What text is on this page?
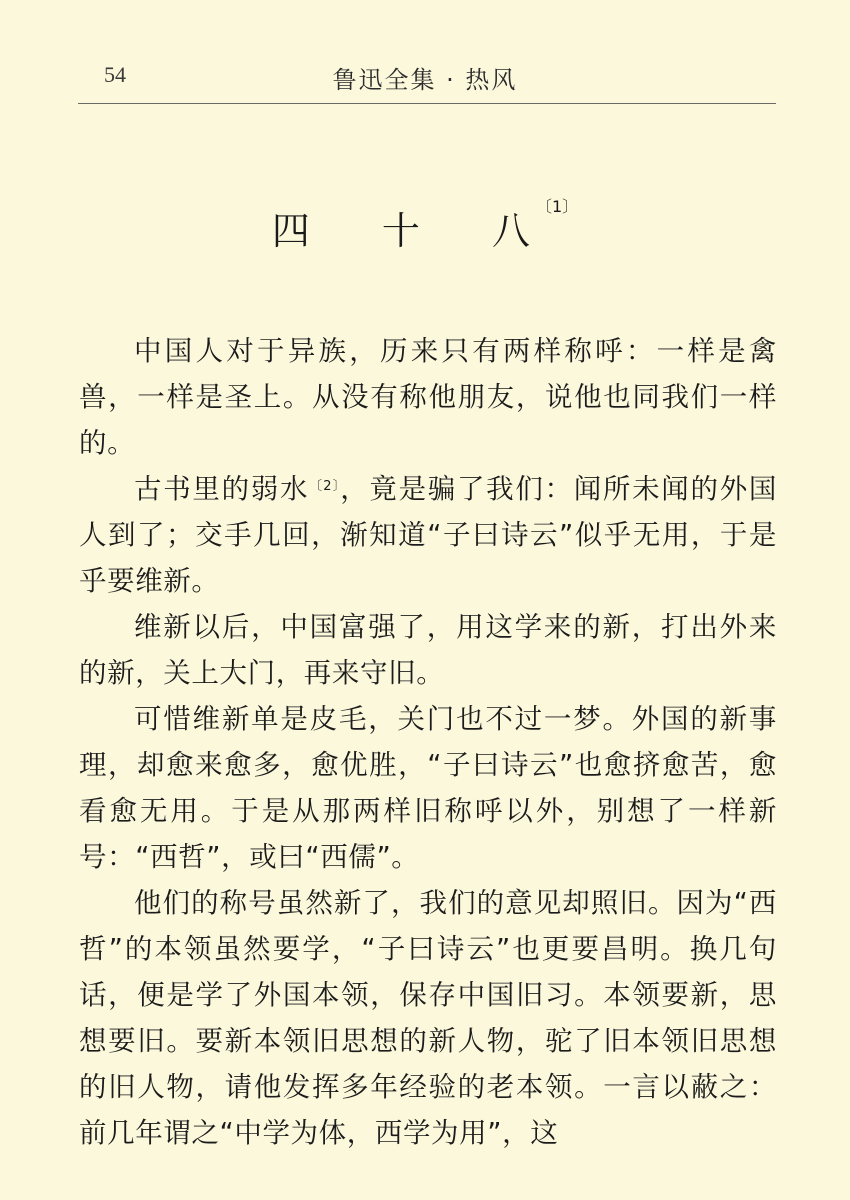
54	鲁迅全集 · 热风
四 十 八$^{〔1〕}$

中国人对于异族，历来只有两样称呼：一样是禽兽，一样是圣上。从没有称他朋友，说他也同我们一样的。

古书里的弱水$^{〔2〕}$，竟是骗了我们：闻所未闻的外国人到了；交手几回，渐知道“子曰诗云”似乎无用，于是乎要维新。

维新以后，中国富强了，用这学来的新，打出外来的新，关上大门，再来守旧。

可惜维新单是皮毛，关门也不过一梦。外国的新事理，却愈来愈多，愈优胜，“子曰诗云”也愈挤愈苦，愈看愈无用。于是从那两样旧称呼以外，别想了一样新号：“西哲”，或曰“西儒”。

他们的称号虽然新了，我们的意见却照旧。因为“西哲”的本领虽然要学，“子曰诗云”也更要昌明。换几句话，便是学了外国本领，保存中国旧习。本领要新，思想要旧。要新本领旧思想的新人物，驼了旧本领旧思想的旧人物，请他发挥多年经验的老本领。一言以蔽之：前几年谓之“中学为体，西学为用”，这
